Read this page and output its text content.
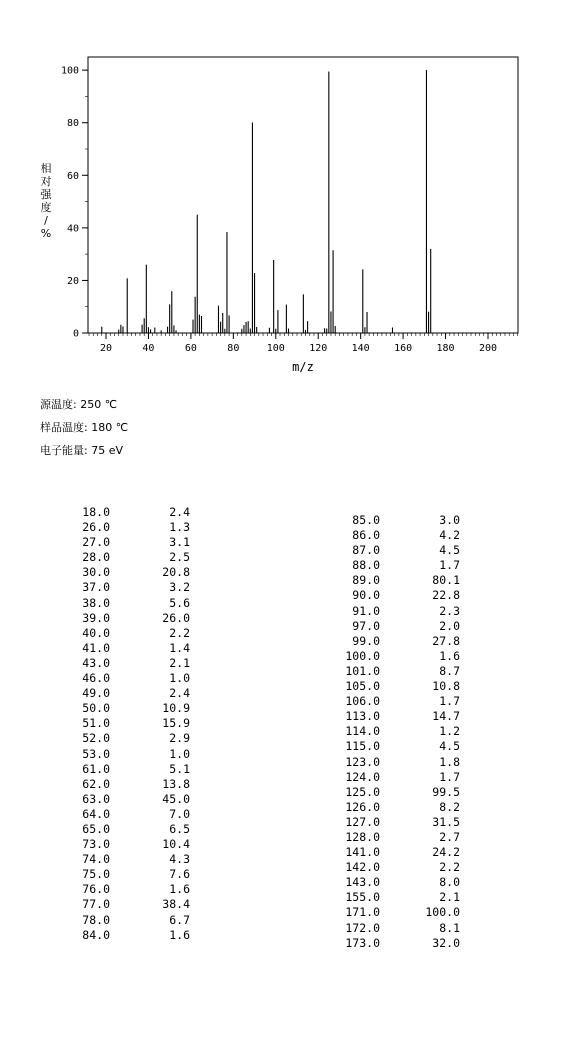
20	40	60	80	100 120 140 160 180 200
0
20
40
60
80
100
m/z
相对强度/ %
源温度: 250 ℃
样品温度: 180 ℃
电子能量: 75 eV
18.0	2.4
26.0	1.3
27.0	3.1
28.0	2.5
30.0	20.8
37.0	3.2
38.0	5.6
39.0	26.0
40.0	2.2
41.0	1.4
43.0	2.1
46.0	1.0
49.0	2.4
50.0	10.9
51.0	15.9
52.0	2.9
53.0	1.0
61.0	5.1
62.0	13.8
63.0	45.0
64.0	7.0
65.0	6.5
73.0	10.4
74.0	4.3
75.0	7.6
76.0	1.6
77.0	38.4
78.0	6.7
84.0	1.6
85.0	3.0
86.0	4.2
87.0	4.5
88.0	1.7
89.0	80.1
90.0	22.8
91.0	2.3
97.0	2.0
99.0	27.8
100.0	1.6
101.0	8.7
105.0	10.8
106.0	1.7
113.0	14.7
114.0	1.2
115.0	4.5
123.0	1.8
124.0	1.7
125.0	99.5
126.0	8.2
127.0	31.5
128.0	2.7
141.0	24.2
142.0	2.2
143.0	8.0
155.0	2.1
171.0	100.0
172.0	8.1
173.0	32.0
